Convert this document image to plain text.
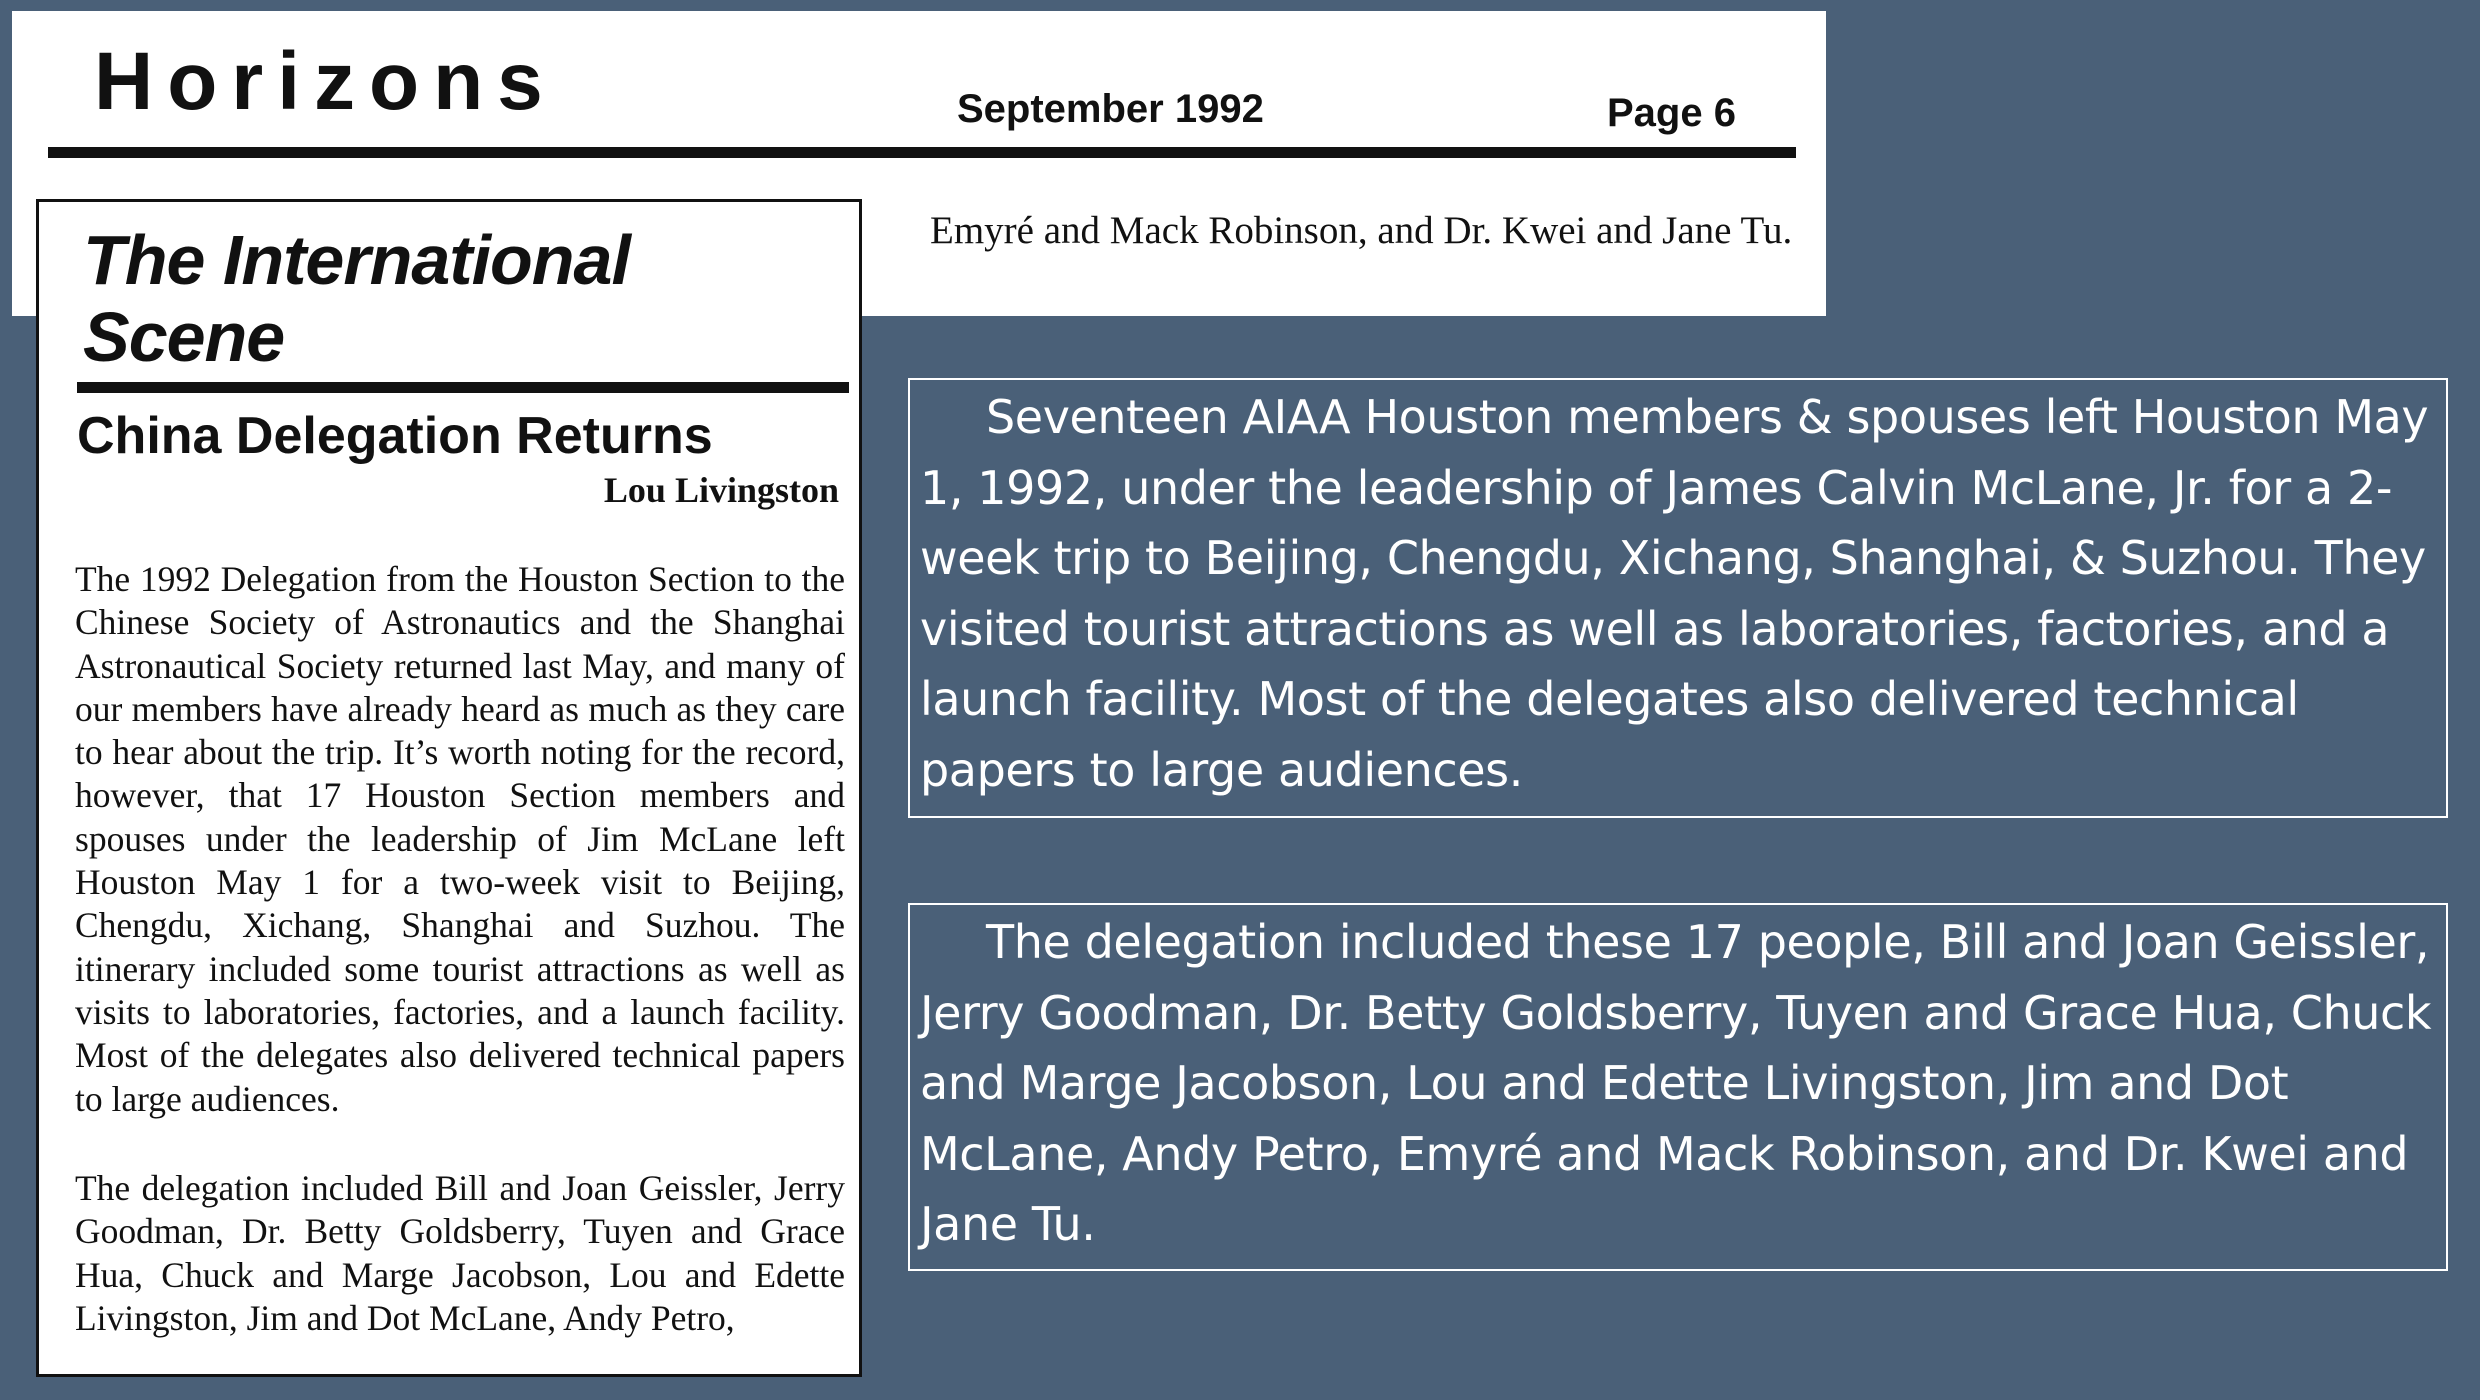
Horizons	September 1992	Page 6
Emyré and Mack Robinson, and Dr. Kwei and Jane Tu.
The International Scene
China Delegation Returns
Lou Livingston

The 1992 Delegation from the Houston Section to the Chinese Society of Astronautics and the Shanghai Astronautical Society returned last May, and many of our members have already heard as much as they care to hear about the trip. It’s worth noting for the record, however, that 17 Houston Section members and spouses under the leadership of Jim McLane left Houston May 1 for a two-week visit to Beijing, Chengdu, Xichang, Shanghai and Suzhou. The itinerary included some tourist attractions as well as visits to laboratories, factories, and a launch facility. Most of the delegates also delivered technical papers to large audiences.

The delegation included Bill and Joan Geissler, Jerry Goodman, Dr. Betty Goldsberry, Tuyen and Grace Hua, Chuck and Marge Jacobson, Lou and Edette Livingston, Jim and Dot McLane, Andy Petro,

Seventeen AIAA Houston members & spouses left Houston May 1, 1992, under the leadership of James Calvin McLane, Jr. for a 2-week trip to Beijing, Chengdu, Xichang, Shanghai, & Suzhou. They visited tourist attractions as well as laboratories, factories, and a launch facility. Most of the delegates also delivered technical papers to large audiences.
The delegation included these 17 people, Bill and Joan Geissler, Jerry Goodman, Dr. Betty Goldsberry, Tuyen and Grace Hua, Chuck and Marge Jacobson, Lou and Edette Livingston, Jim and Dot McLane, Andy Petro, Emyré and Mack Robinson, and Dr. Kwei and Jane Tu.
